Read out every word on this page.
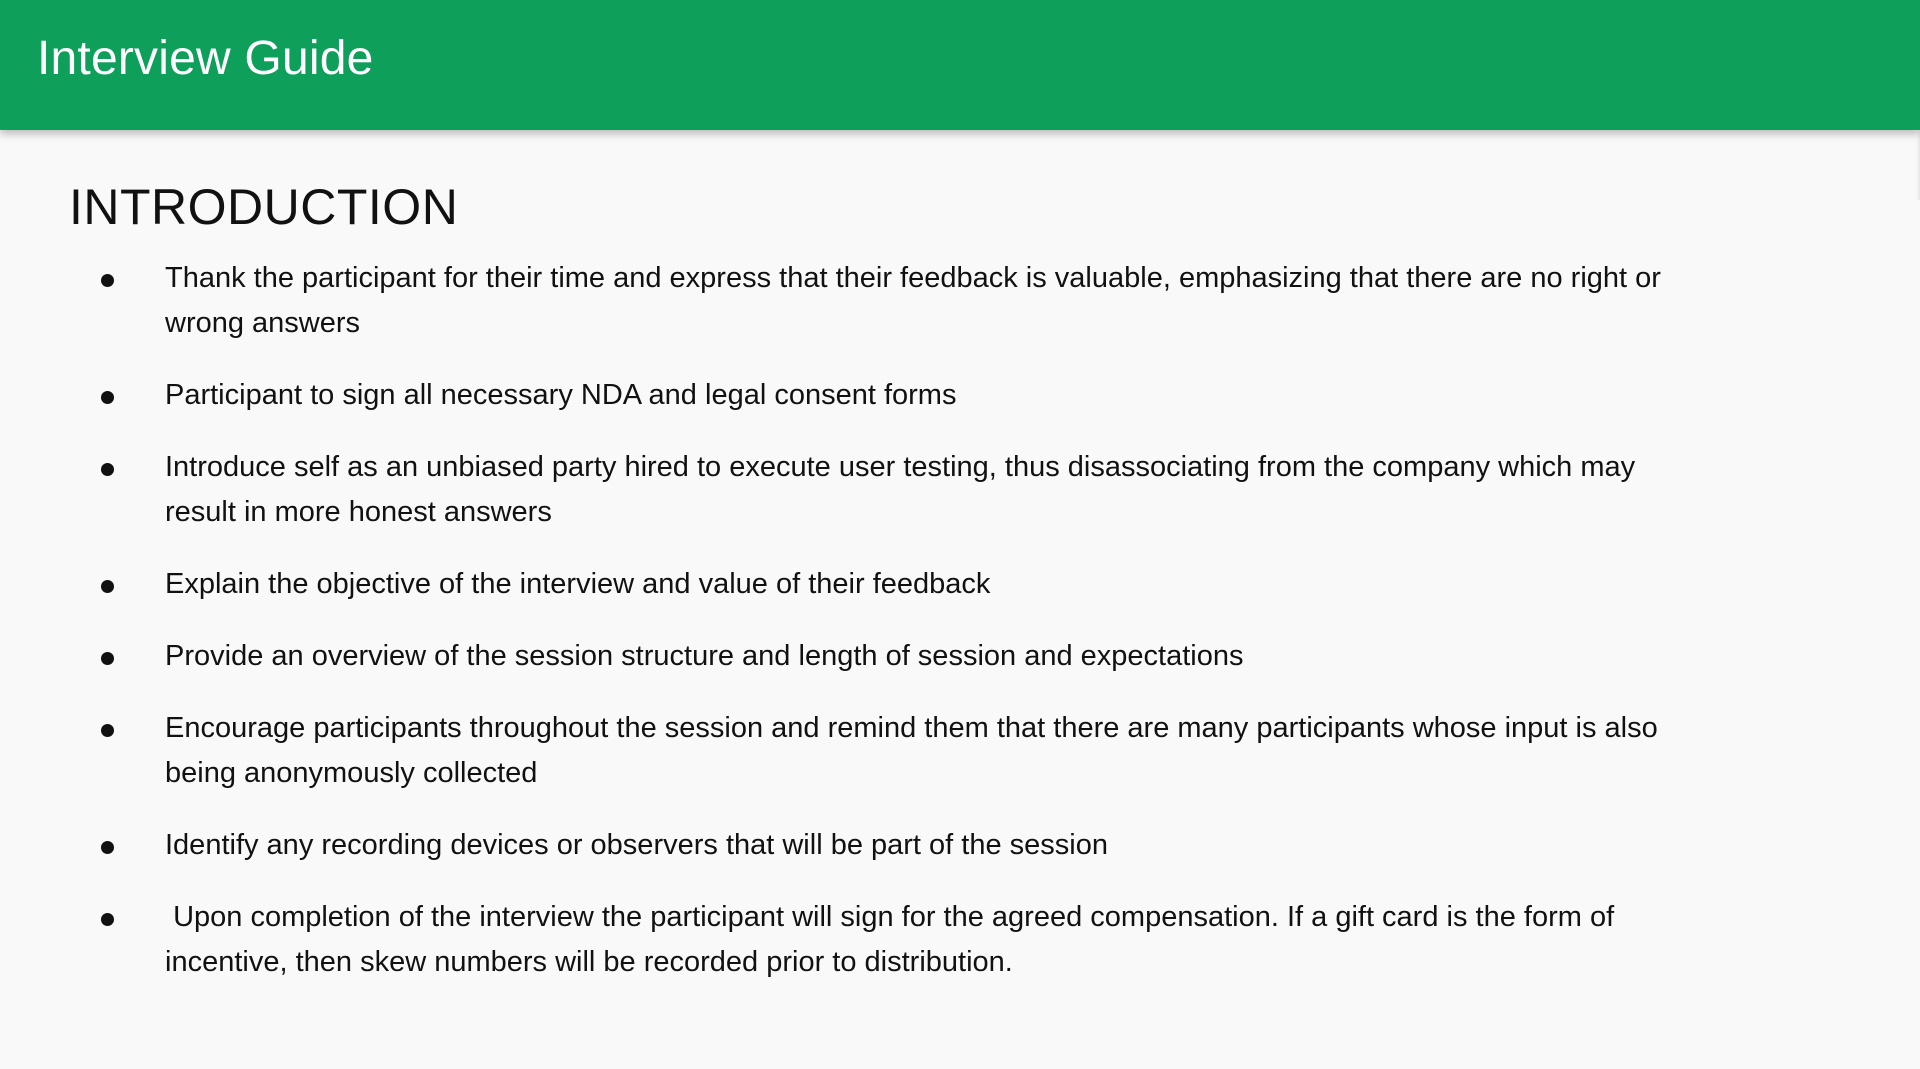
Interview Guide
INTRODUCTION
Thank the participant for their time and express that their feedback is valuable, emphasizing that there are no right or wrong answers
Participant to sign all necessary NDA and legal consent forms
Introduce self as an unbiased party hired to execute user testing, thus disassociating from the company which may result in more honest answers
Explain the objective of the interview and value of their feedback
Provide an overview of the session structure and length of session and expectations
Encourage participants throughout the session and remind them that there are many participants whose input is also being anonymously collected
Identify any recording devices or observers that will be part of the session
Upon completion of the interview the participant will sign for the agreed compensation. If a gift card is the form of incentive, then skew numbers will be recorded prior to distribution.
